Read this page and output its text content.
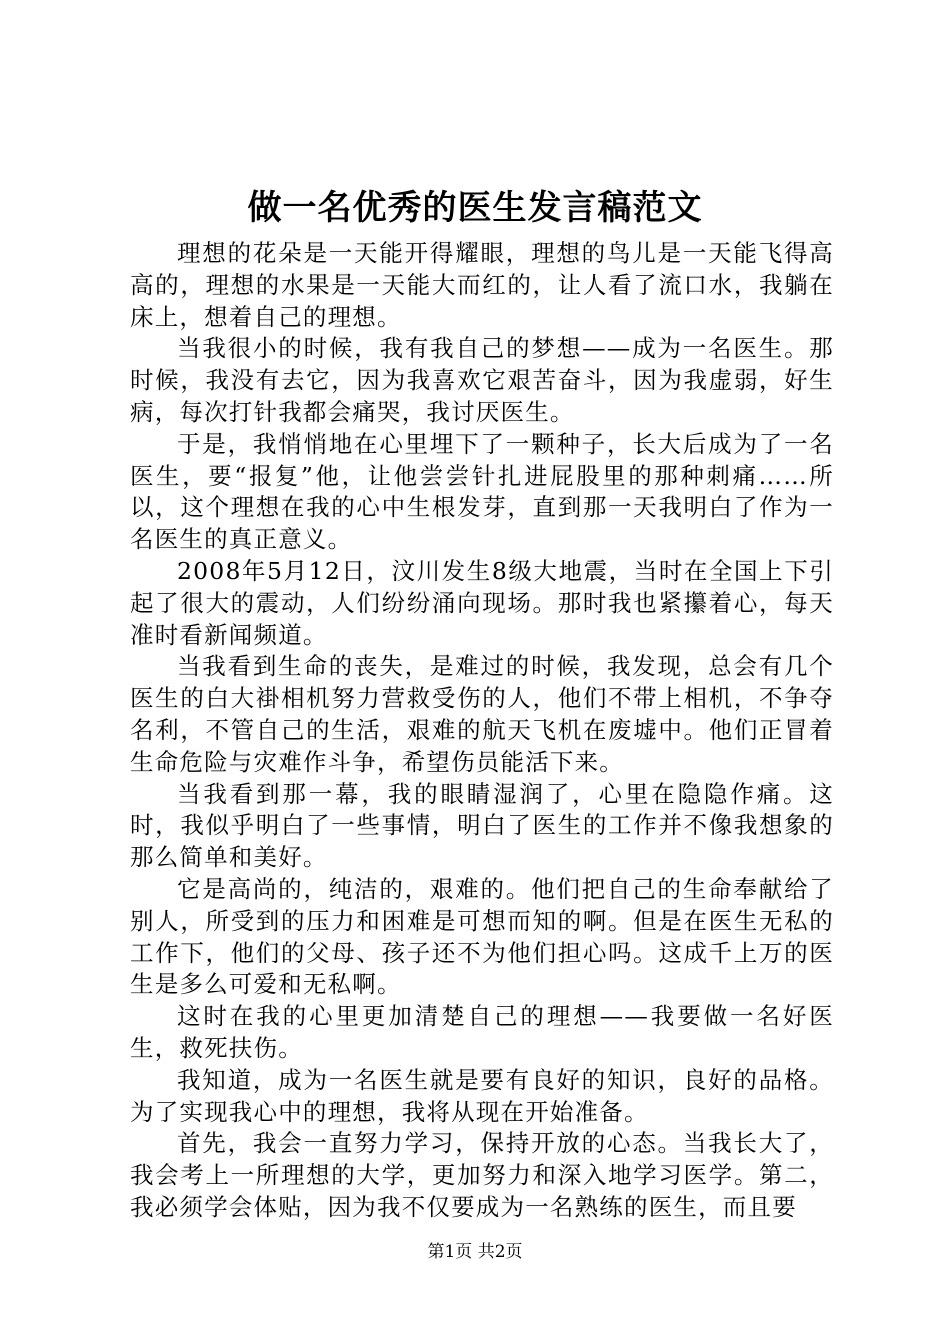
做一名优秀的医生发言稿范文

理想的花朵是一天能开得耀眼，理想的鸟儿是一天能飞得高高的，理想的水果是一天能大而红的，让人看了流口水，我躺在床上，想着自己的理想。

当我很小的时候，我有我自己的梦想——成为一名医生。那时候，我没有去它，因为我喜欢它艰苦奋斗，因为我虚弱，好生病，每次打针我都会痛哭，我讨厌医生。

于是，我悄悄地在心里埋下了一颗种子，长大后成为了一名医生，要“报复”他，让他尝尝针扎进屁股里的那种刺痛……所以，这个理想在我的心中生根发芽，直到那一天我明白了作为一名医生的真正意义。

2008年5月12日，汶川发生8级大地震，当时在全国上下引起了很大的震动，人们纷纷涌向现场。那时我也紧攥着心，每天准时看新闻频道。

当我看到生命的丧失，是难过的时候，我发现，总会有几个医生的白大褂相机努力营救受伤的人，他们不带上相机，不争夺名利，不管自己的生活，艰难的航天飞机在废墟中。他们正冒着生命危险与灾难作斗争，希望伤员能活下来。

当我看到那一幕，我的眼睛湿润了，心里在隐隐作痛。这时，我似乎明白了一些事情，明白了医生的工作并不像我想象的那么简单和美好。

它是高尚的，纯洁的，艰难的。他们把自己的生命奉献给了别人，所受到的压力和困难是可想而知的啊。但是在医生无私的工作下，他们的父母、孩子还不为他们担心吗。这成千上万的医生是多么可爱和无私啊。

这时在我的心里更加清楚自己的理想——我要做一名好医生，救死扶伤。

我知道，成为一名医生就是要有良好的知识，良好的品格。为了实现我心中的理想，我将从现在开始准备。

首先，我会一直努力学习，保持开放的心态。当我长大了，我会考上一所理想的大学，更加努力和深入地学习医学。第二，我必须学会体贴，因为我不仅要成为一名熟练的医生，而且要

第1页 共2页
